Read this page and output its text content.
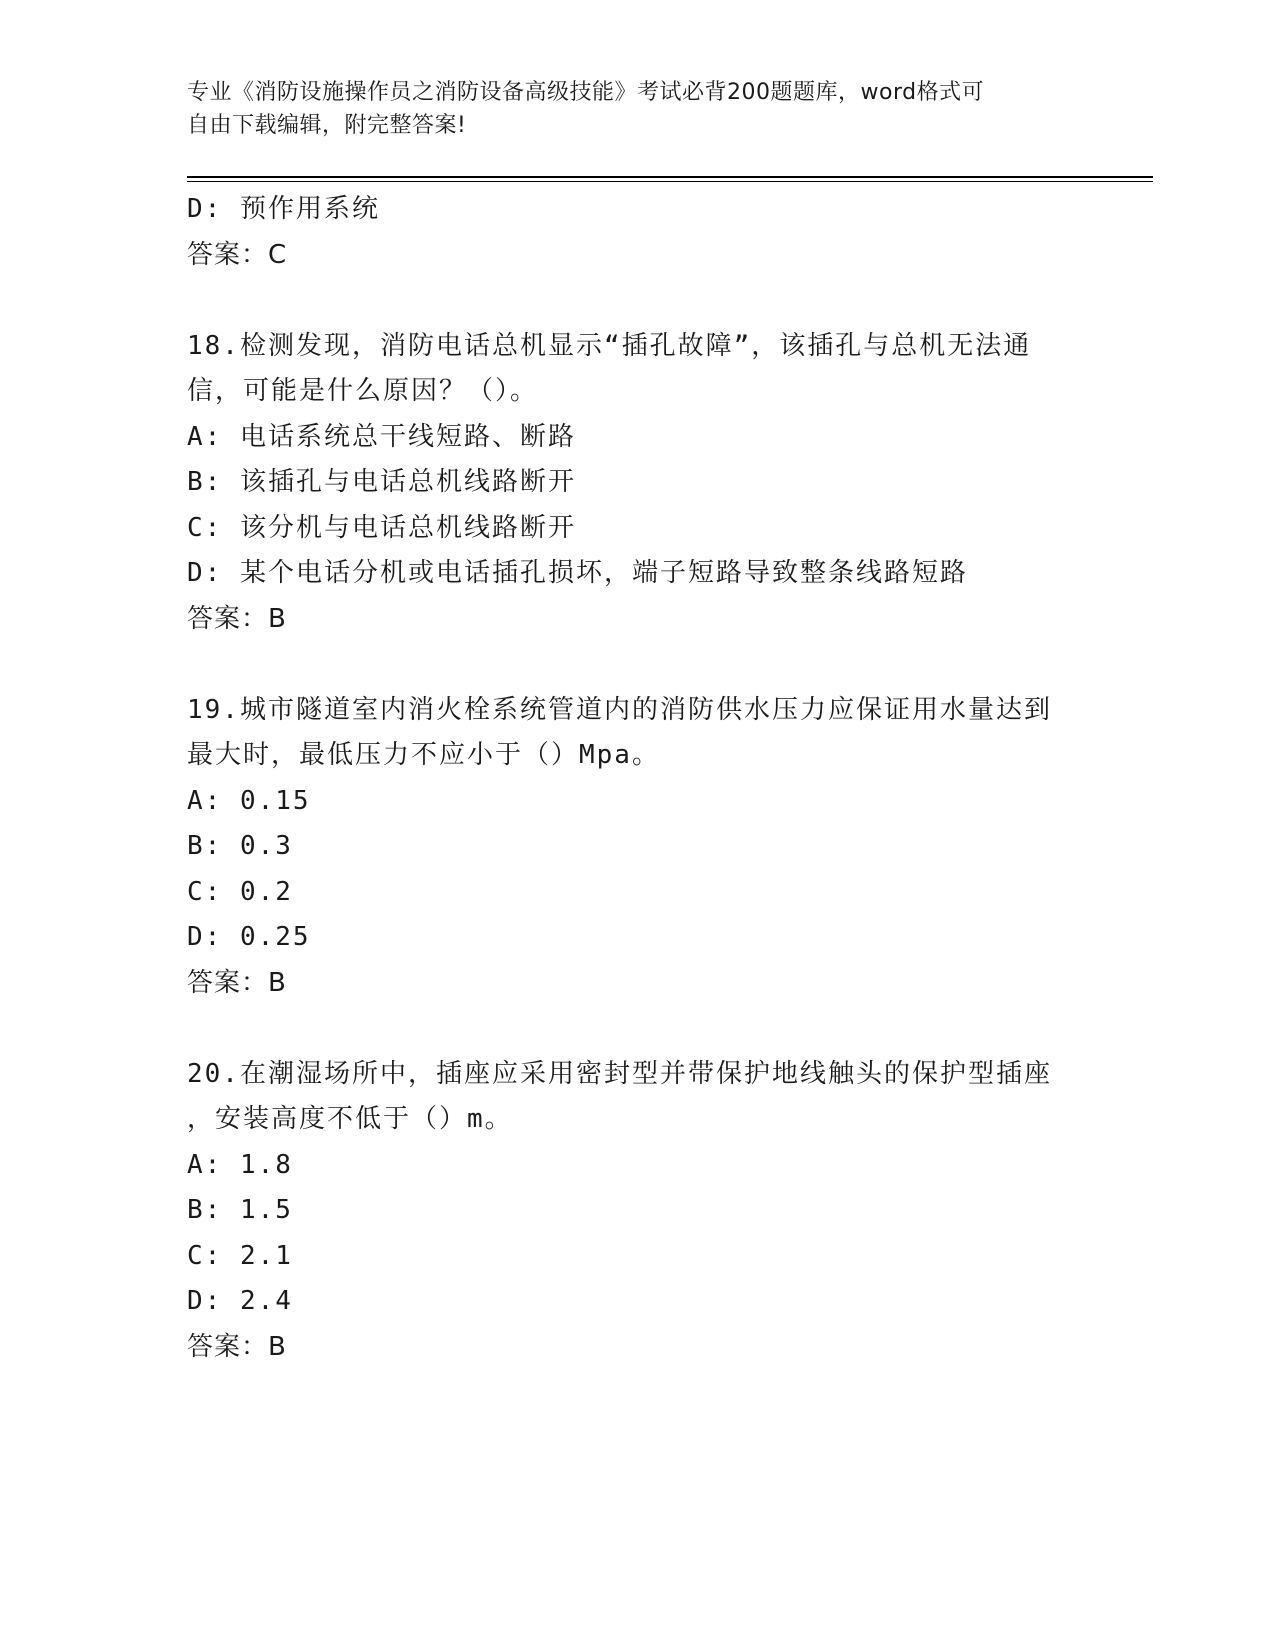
专业《消防设施操作员之消防设备高级技能》考试必背200题题库，word格式可
自由下载编辑，附完整答案!
D: 预作用系统
答案：C
18.检测发现，消防电话总机显示“插孔故障”，该插孔与总机无法通
信，可能是什么原因？（）。
A: 电话系统总干线短路、断路
B: 该插孔与电话总机线路断开
C: 该分机与电话总机线路断开
D: 某个电话分机或电话插孔损坏，端子短路导致整条线路短路
答案：B
19.城市隧道室内消火栓系统管道内的消防供水压力应保证用水量达到
最大时，最低压力不应小于（）Mpa。
A: 0.15
B: 0.3
C: 0.2
D: 0.25
答案：B
20.在潮湿场所中，插座应采用密封型并带保护地线触头的保护型插座
，安装高度不低于（）m。
A: 1.8
B: 1.5
C: 2.1
D: 2.4
答案：B
